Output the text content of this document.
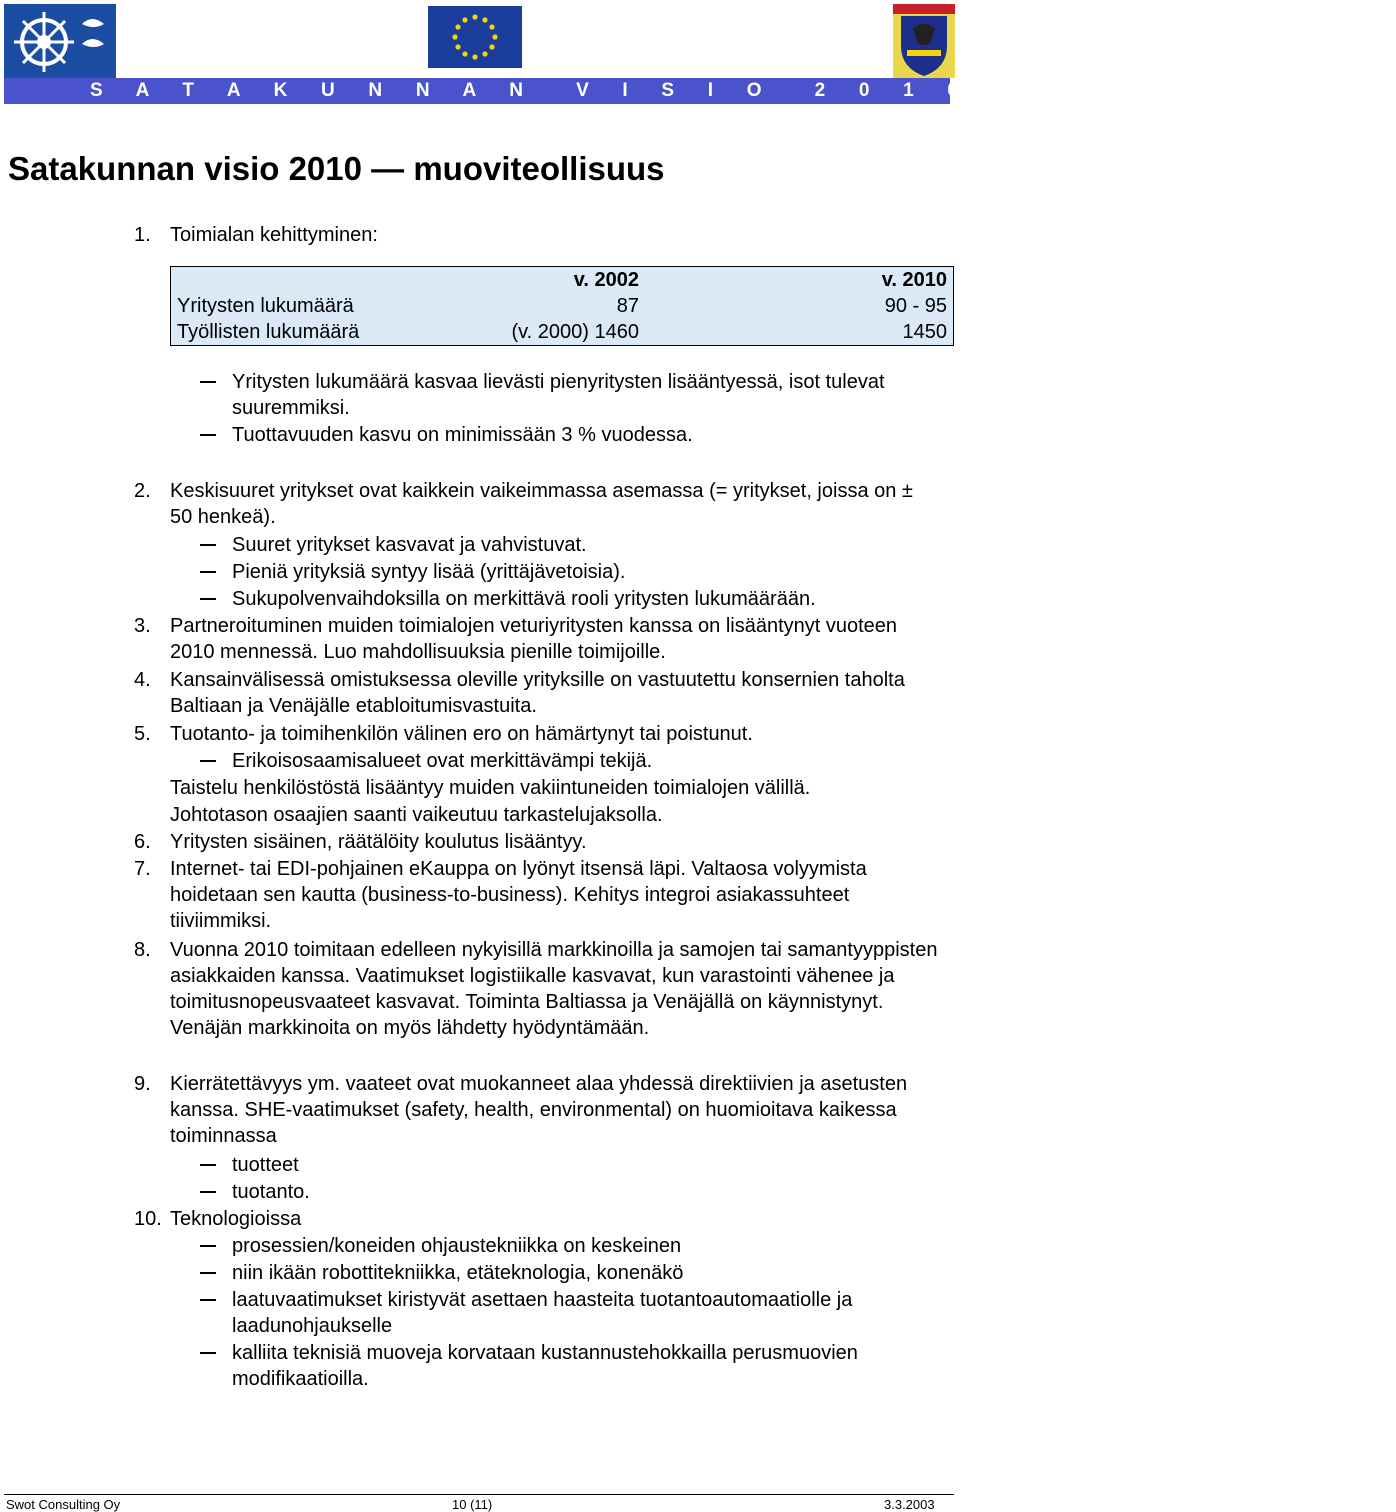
S A T A K U N N A N  V I S I O  2 0 1 0  - P R O J E K T I
Satakunnan visio 2010 — muoviteollisuus
1. Toimialan kehittyminen:
	v. 2002	v. 2010
Yritysten lukumäärä	87	90 - 95
Työllisten lukumäärä	(v. 2000) 1460	1450
Yritysten lukumäärä kasvaa lievästi pienyritysten lisääntyessä, isot tulevat suuremmiksi.
Tuottavuuden kasvu on minimissään 3 % vuodessa.
2. Keskisuuret yritykset ovat kaikkein vaikeimmassa asemassa (= yritykset, joissa on ± 50 henkeä).
Suuret yritykset kasvavat ja vahvistuvat.
Pieniä yrityksiä syntyy lisää (yrittäjävetoisia).
Sukupolvenvaihdoksilla on merkittävä rooli yritysten lukumäärään.
3. Partneroituminen muiden toimialojen veturiyritysten kanssa on lisääntynyt vuoteen 2010 mennessä. Luo mahdollisuuksia pienille toimijoille.
4. Kansainvälisessä omistuksessa oleville yrityksille on vastuutettu konsernien taholta Baltiaan ja Venäjälle etabloitumisvastuita.
5. Tuotanto- ja toimihenkilön välinen ero on hämärtynyt tai poistunut.
Erikoisosaamisalueet ovat merkittävämpi tekijä.
Taistelu henkilöstöstä lisääntyy muiden vakiintuneiden toimialojen välillä.
Johtotason osaajien saanti vaikeutuu tarkastelujaksolla.
6. Yritysten sisäinen, räätälöity koulutus lisääntyy.
7. Internet- tai EDI-pohjainen eKauppa on lyönyt itsensä läpi. Valtaosa volyymista hoidetaan sen kautta (business-to-business). Kehitys integroi asiakassuhteet tiiviimmiksi.
8. Vuonna 2010 toimitaan edelleen nykyisillä markkinoilla ja samojen tai samantyyppisten asiakkaiden kanssa. Vaatimukset logistiikalle kasvavat, kun varastointi vähenee ja toimitusnopeusvaateet kasvavat. Toiminta Baltiassa ja Venäjällä on käynnistynyt. Venäjän markkinoita on myös lähdetty hyödyntämään.
9. Kierrätettävyys ym. vaateet ovat muokanneet alaa yhdessä direktiivien ja asetusten kanssa. SHE-vaatimukset (safety, health, environmental) on huomioitava kaikessa toiminnassa
tuotteet
tuotanto.
10. Teknologioissa
prosessien/koneiden ohjaustekniikka on keskeinen
niin ikään robottitekniikka, etäteknologia, konenäkö
laatuvaatimukset kiristyvät asettaen haasteita tuotantoautomaatiolle ja laadunohjaukselle
kalliita teknisiä muoveja korvataan kustannustehokkailla perusmuovien modifikaatioilla.
Swot Consulting Oy	10 (11)	3.3.2003
